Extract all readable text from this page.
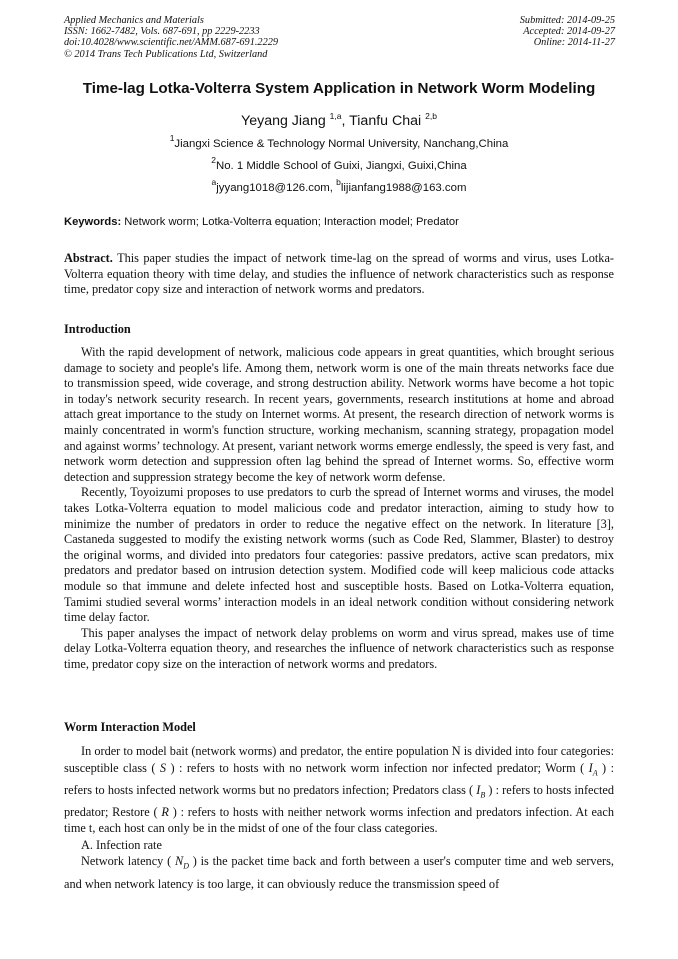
Applied Mechanics and Materials
ISSN: 1662-7482, Vols. 687-691, pp 2229-2233
doi:10.4028/www.scientific.net/AMM.687-691.2229
© 2014 Trans Tech Publications Ltd, Switzerland
Submitted: 2014-09-25
Accepted: 2014-09-27
Online: 2014-11-27
Time-lag Lotka-Volterra System Application in Network Worm Modeling
Yeyang Jiang $^{1,a}$, Tianfu Chai $^{2,b}$
$^1$Jiangxi Science & Technology Normal University, Nanchang,China
$^2$No. 1 Middle School of Guixi, Jiangxi, Guixi,China
$^a$jyyang1018@126.com, $^b$lijianfang1988@163.com
Keywords: Network worm; Lotka-Volterra equation; Interaction model; Predator

Abstract. This paper studies the impact of network time-lag on the spread of worms and virus, uses Lotka-Volterra equation theory with time delay, and studies the influence of network characteristics such as response time, predator copy size and interaction of network worms and predators.

Introduction

With the rapid development of network, malicious code appears in great quantities, which brought serious damage to society and people's life. Among them, network worm is one of the main threats networks face due to transmission speed, wide coverage, and strong destruction ability. Network worms have become a hot topic in today's network security research. In recent years, governments, research institutions at home and abroad attach great importance to the study on Internet worms. At present, the research direction of network worms is mainly concentrated in worm's function structure, working mechanism, scanning strategy, propagation model and against worms’ technology. At present, variant network worms emerge endlessly, the speed is very fast, and network worm detection and suppression often lag behind the spread of Internet worms. So, effective worm detection and suppression strategy become the key of network worm defense.

Recently, Toyoizumi proposes to use predators to curb the spread of Internet worms and viruses, the model takes Lotka-Volterra equation to model malicious code and predator interaction, aiming to study how to minimize the number of predators in order to reduce the negative effect on the network. In literature [3], Castaneda suggested to modify the existing network worms (such as Code Red, Slammer, Blaster) to destroy the original worms, and divided into predators four categories: passive predators, active scan predators, mix predators and predator based on intrusion detection system. Modified code will keep malicious code attacks module so that immune and delete infected host and susceptible hosts. Based on Lotka-Volterra equation, Tamimi studied several worms’ interaction models in an ideal network condition without considering network time delay factor.

This paper analyses the impact of network delay problems on worm and virus spread, makes use of time delay Lotka-Volterra equation theory, and researches the influence of network characteristics such as response time, predator copy size on the interaction of network worms and predators.

Worm Interaction Model

In order to model bait (network worms) and predator, the entire population N is divided into four categories: susceptible class ( S ) : refers to hosts with no network worm infection nor infected predator; Worm ( $I_A$ ) : refers to hosts infected network worms but no predators infection; Predators class ( $I_B$ ) : refers to hosts infected predator; Restore ( R ) : refers to hosts with neither network worms infection and predators infection. At each time t, each host can only be in the midst of one of the four class categories.

A. Infection rate

Network latency ( $N_D$ ) is the packet time back and forth between a user's computer time and web servers, and when network latency is too large, it can obviously reduce the transmission speed of
